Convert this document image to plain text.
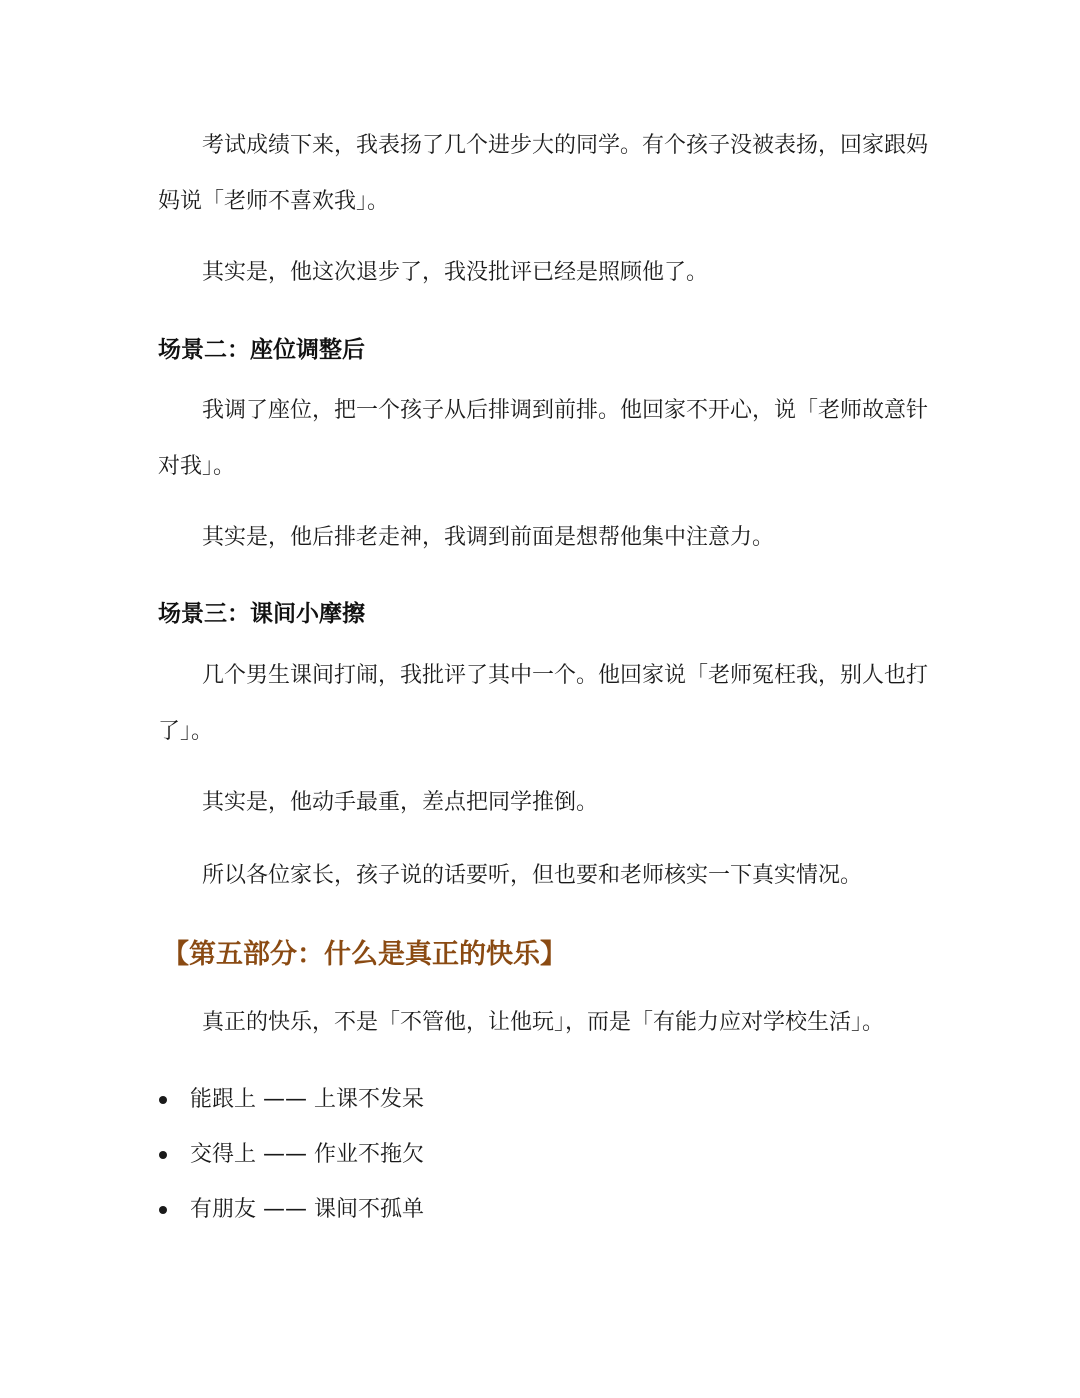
考试成绩下来，我表扬了几个进步大的同学。有个孩子没被表扬，回家跟妈妈说「老师不喜欢我」。

其实是，他这次退步了，我没批评已经是照顾他了。

场景二：座位调整后

我调了座位，把一个孩子从后排调到前排。他回家不开心，说「老师故意针对我」。

其实是，他后排老走神，我调到前面是想帮他集中注意力。

场景三：课间小摩擦

几个男生课间打闹，我批评了其中一个。他回家说「老师冤枉我，别人也打了」。

其实是，他动手最重，差点把同学推倒。

所以各位家长，孩子说的话要听，但也要和老师核实一下真实情况。

【第五部分：什么是真正的快乐】

真正的快乐，不是「不管他，让他玩」，而是「有能力应对学校生活」。

能跟上 —— 上课不发呆
交得上 —— 作业不拖欠
有朋友 —— 课间不孤单
